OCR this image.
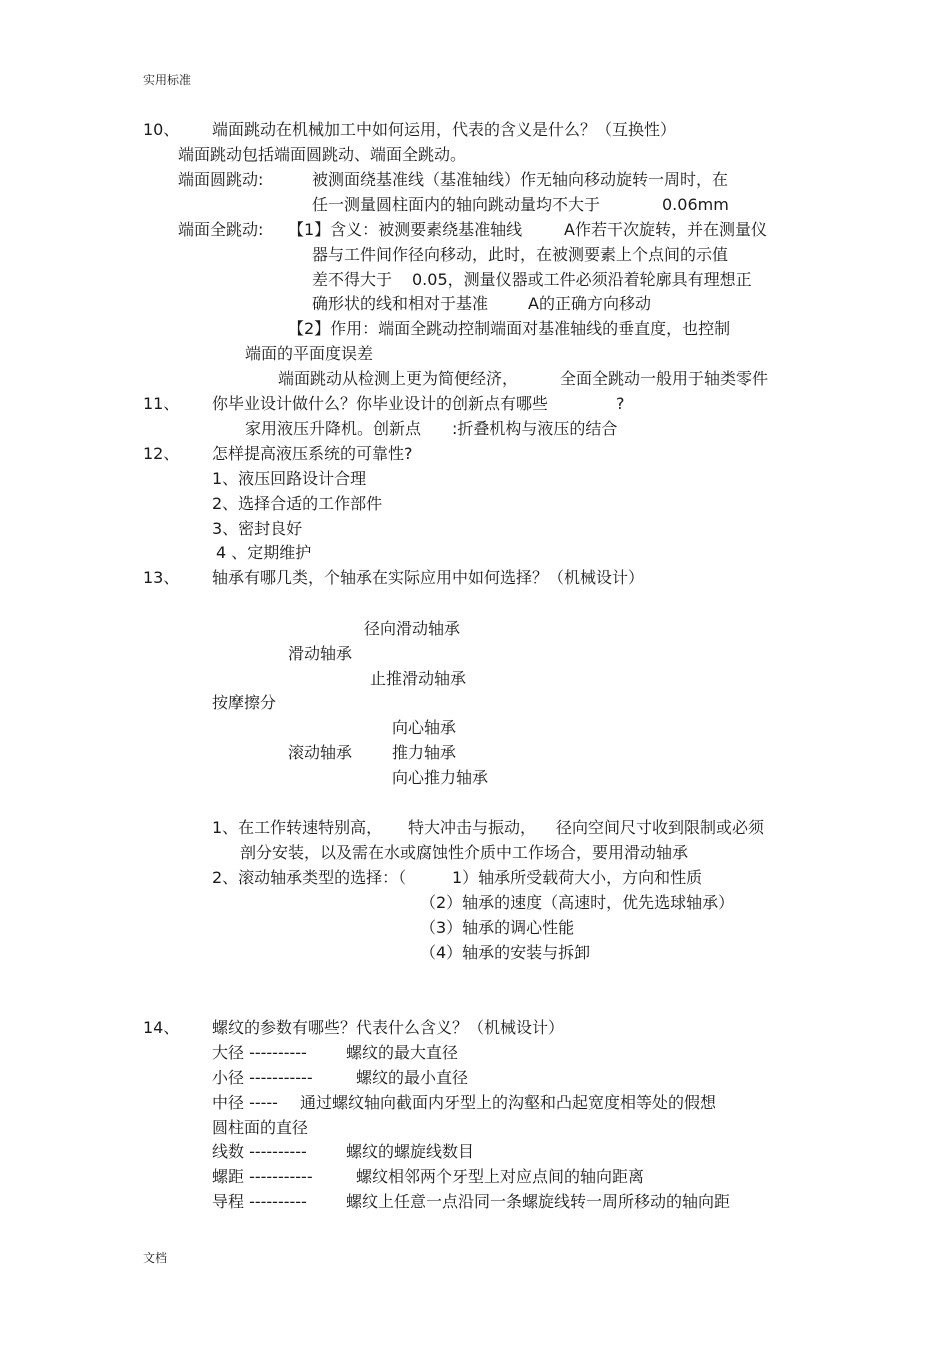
实用标准
文档
10、 端面跳动在机械加工中如何运用，代表的含义是什么？（互换性）
端面跳动包括端面圆跳动、端面全跳动。
端面圆跳动:	被测面绕基准线（基准轴线）作无轴向移动旋转一周时，在
任一测量圆柱面内的轴向跳动量均不大于	0.06mm
端面全跳动: 【1】含义：被测要素绕基准轴线	A作若干次旋转，并在测量仪
器与工件间作径向移动，此时，在被测要素上个点间的示值
差不得大于 0.05，测量仪器或工件必须沿着轮廓具有理想正
确形状的线和相对于基准 A的正确方向移动
【2】作用：端面全跳动控制端面对基准轴线的垂直度，也控制
端面的平面度误差
端面跳动从检测上更为简便经济，	全面全跳动一般用于轴类零件
11、 你毕业设计做什么？你毕业设计的创新点有哪些	?
家用液压升降机。创新点 :折叠机构与液压的结合
12、 怎样提高液压系统的可靠性?
1、液压回路设计合理
2、选择合适的工作部件
3、密封良好
4 、定期维护
13、 轴承有哪几类，个轴承在实际应用中如何选择？（机械设计）
径向滑动轴承
滑动轴承
止推滑动轴承
按摩擦分
向心轴承
滚动轴承 推力轴承
向心推力轴承
1、在工作转速特别高， 特大冲击与振动， 径向空间尺寸收到限制或必须
剖分安装，以及需在水或腐蚀性介质中工作场合，要用滑动轴承
2、滚动轴承类型的选择：（	1）轴承所受载荷大小，方向和性质
（2）轴承的速度（高速时，优先选球轴承）
（3）轴承的调心性能
（4）轴承的安装与拆卸
14、 螺纹的参数有哪些？代表什么含义？（机械设计）
大径 ---------- 螺纹的最大直径
小径 -----------	螺纹的最小直径
中径 ----- 通过螺纹轴向截面内牙型上的沟壑和凸起宽度相等处的假想
圆柱面的直径
线数 ---------- 螺纹的螺旋线数目
螺距 -----------	螺纹相邻两个牙型上对应点间的轴向距离
导程 ---------- 螺纹上任意一点沿同一条螺旋线转一周所移动的轴向距
